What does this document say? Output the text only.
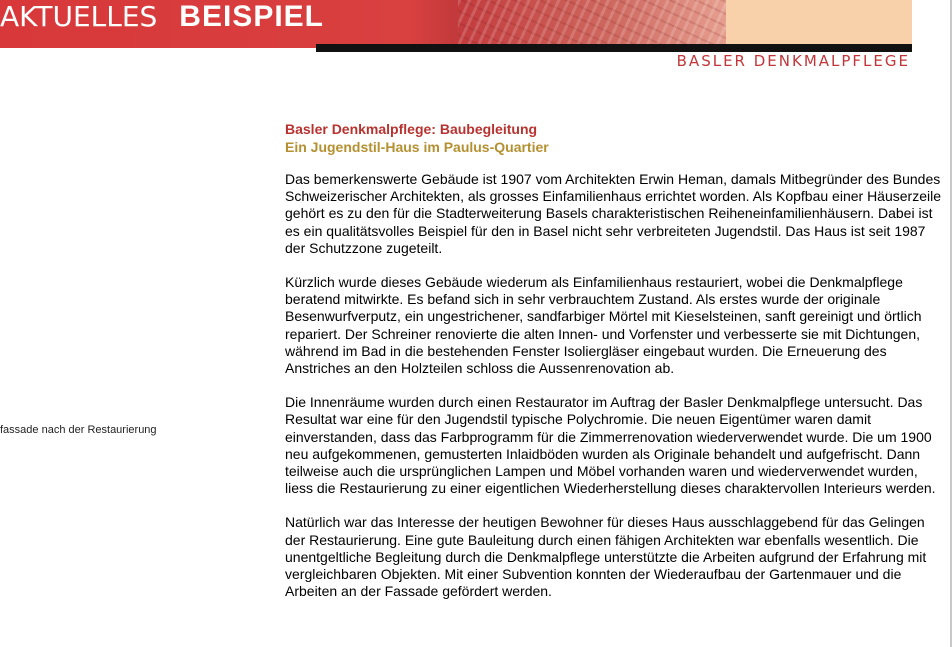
AKTUELLES BEISPIEL
BASLER DENKMALPFLEGE
fassade nach der Restaurierung
Basler Denkmalpflege: Baubegleitung
Ein Jugendstil-Haus im Paulus-Quartier

Das bemerkenswerte Gebäude ist 1907 vom Architekten Erwin Heman, damals Mitbegründer des Bundes Schweizerischer Architekten, als grosses Einfamilienhaus errichtet worden. Als Kopfbau einer Häuserzeile gehört es zu den für die Stadterweiterung Basels charakteristischen Reiheneinfamilienhäusern. Dabei ist es ein qualitätsvolles Beispiel für den in Basel nicht sehr verbreiteten Jugendstil. Das Haus ist seit 1987 der Schutzzone zugeteilt.

Kürzlich wurde dieses Gebäude wiederum als Einfamilienhaus restauriert, wobei die Denkmalpflege beratend mitwirkte. Es befand sich in sehr verbrauchtem Zustand. Als erstes wurde der originale Besenwurfverputz, ein ungestrichener, sandfarbiger Mörtel mit Kieselsteinen, sanft gereinigt und örtlich repariert. Der Schreiner renovierte die alten Innen- und Vorfenster und verbesserte sie mit Dichtungen, während im Bad in die bestehenden Fenster Isoliergläser eingebaut wurden. Die Erneuerung des Anstriches an den Holzteilen schloss die Aussenrenovation ab.

Die Innenräume wurden durch einen Restaurator im Auftrag der Basler Denkmalpflege untersucht. Das Resultat war eine für den Jugendstil typische Polychromie. Die neuen Eigentümer waren damit einverstanden, dass das Farbprogramm für die Zimmerrenovation wiederverwendet wurde. Die um 1900 neu aufgekommenen, gemusterten Inlaidböden wurden als Originale behandelt und aufgefrischt. Dann teilweise auch die ursprünglichen Lampen und Möbel vorhanden waren und wiederverwendet wurden, liess die Restaurierung zu einer eigentlichen Wiederherstellung dieses charaktervollen Interieurs werden.

Natürlich war das Interesse der heutigen Bewohner für dieses Haus ausschlaggebend für das Gelingen der Restaurierung. Eine gute Bauleitung durch einen fähigen Architekten war ebenfalls wesentlich. Die unentgeltliche Begleitung durch die Denkmalpflege unterstützte die Arbeiten aufgrund der Erfahrung mit vergleichbaren Objekten. Mit einer Subvention konnten der Wiederaufbau der Gartenmauer und die Arbeiten an der Fassade gefördert werden.
